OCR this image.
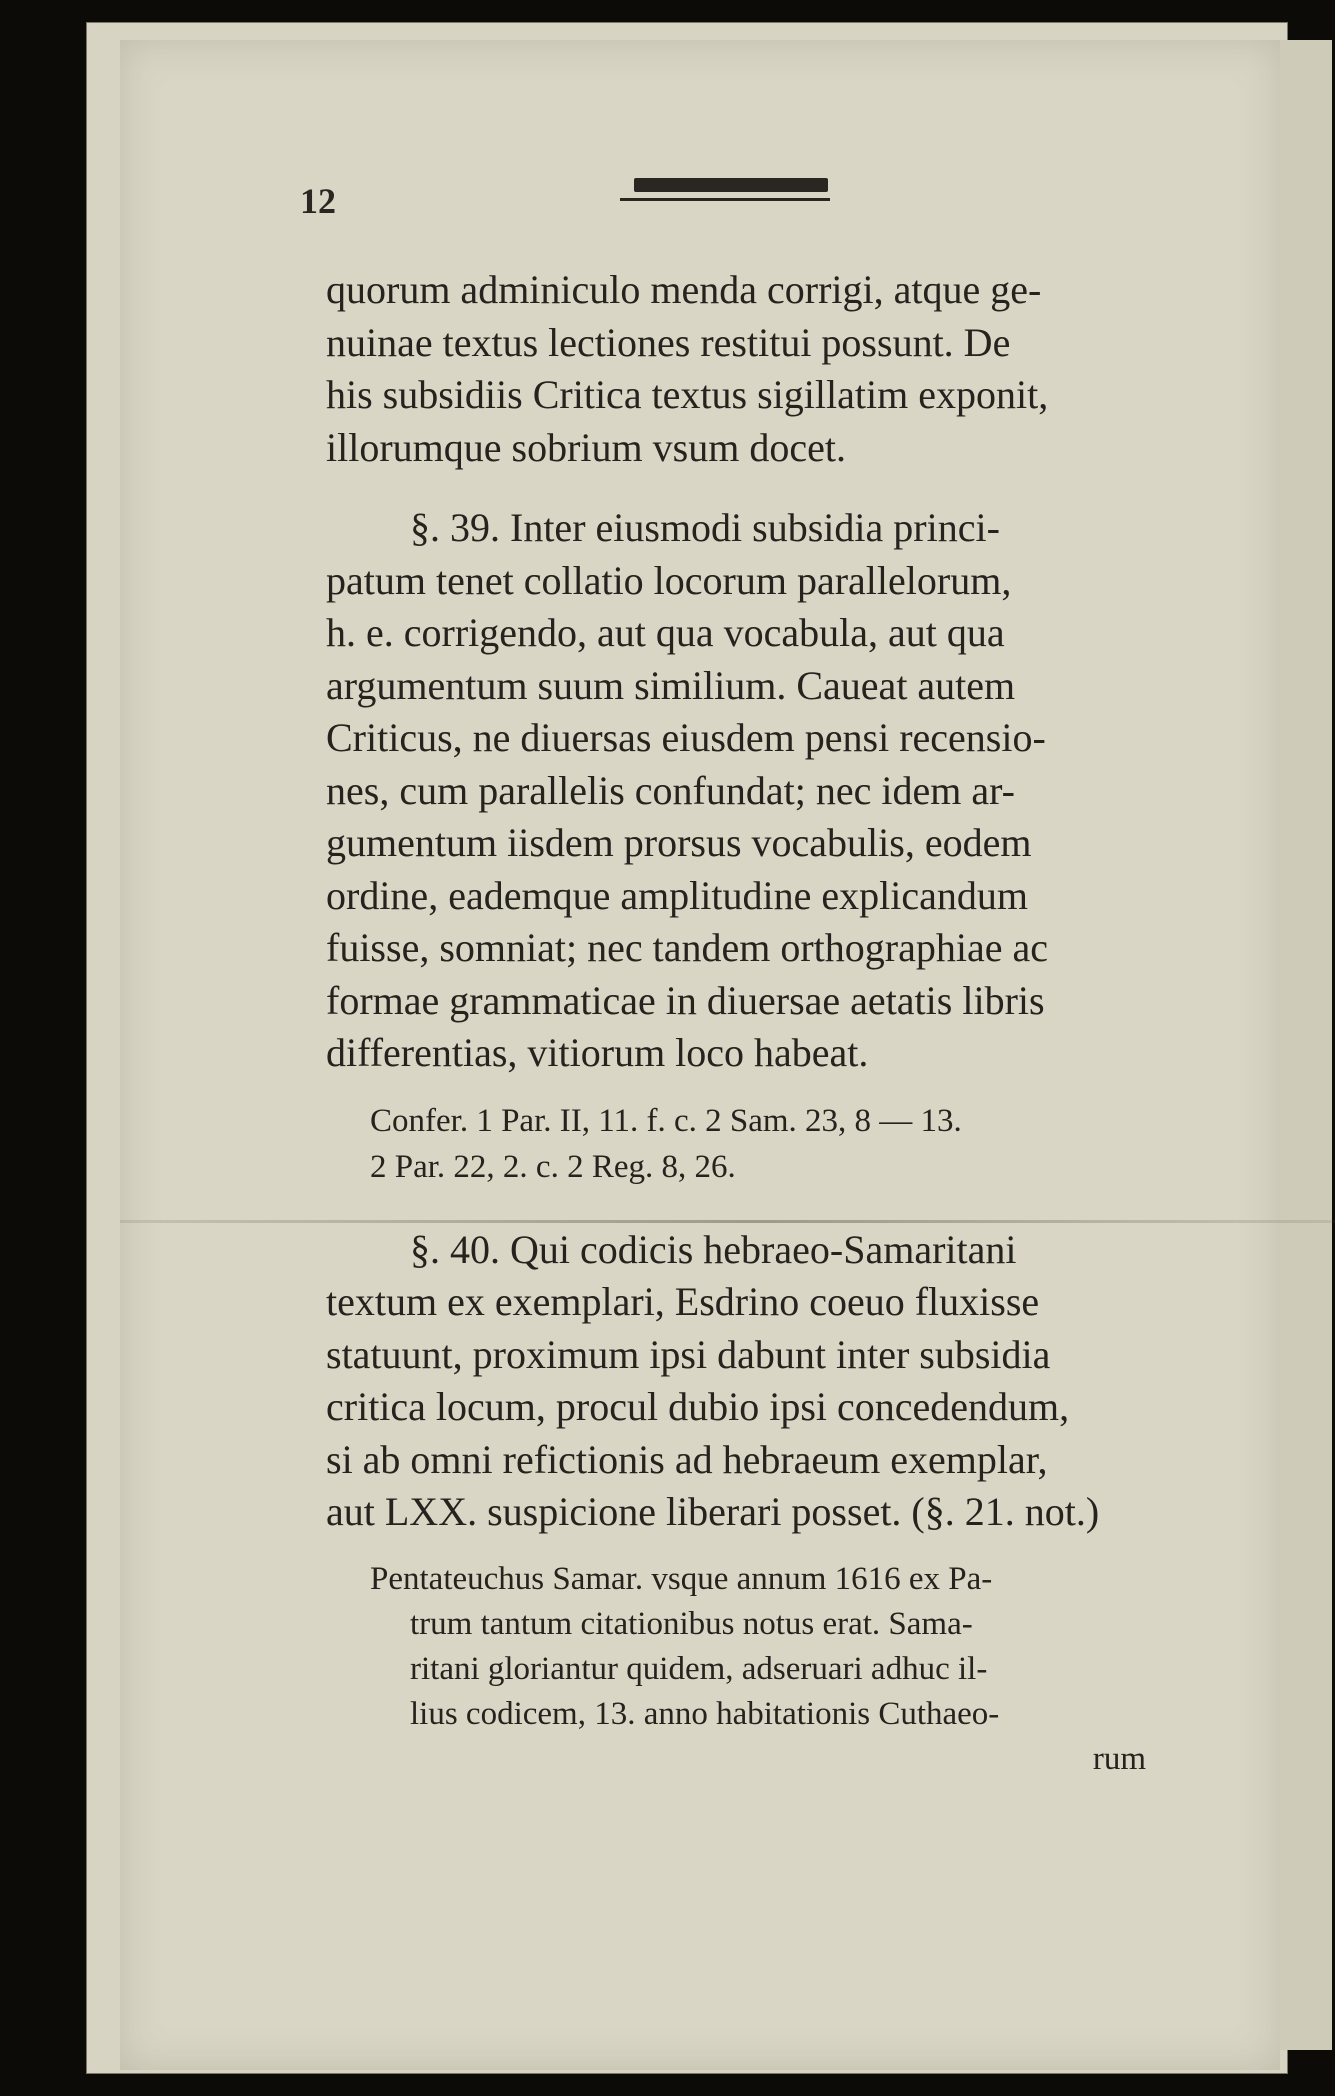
12
quorum adminiculo menda corrigi, atque ge-
nuinae textus lectiones restitui possunt. De
his subsidiis Critica textus sigillatim exponit,
illorumque sobrium vsum docet.
§. 39. Inter eiusmodi subsidia princi-
patum tenet collatio locorum parallelorum,
h. e. corrigendo, aut qua vocabula, aut qua
argumentum suum similium. Caueat autem
Criticus, ne diuersas eiusdem pensi recensio-
nes, cum parallelis confundat; nec idem ar-
gumentum iisdem prorsus vocabulis, eodem
ordine, eademque amplitudine explicandum
fuisse, somniat; nec tandem orthographiae ac
formae grammaticae in diuersae aetatis libris
differentias, vitiorum loco habeat.
Confer. 1 Par. II, 11. f. c. 2 Sam. 23, 8 — 13.
2 Par. 22, 2. c. 2 Reg. 8, 26.
§. 40. Qui codicis hebraeo-Samaritani
textum ex exemplari, Esdrino coeuo fluxisse
statuunt, proximum ipsi dabunt inter subsidia
critica locum, procul dubio ipsi concedendum,
si ab omni refictionis ad hebraeum exemplar,
aut LXX. suspicione liberari posset. (§. 21. not.)
Pentateuchus Samar. vsque annum 1616 ex Pa-
trum tantum citationibus notus erat. Sama-
ritani gloriantur quidem, adseruari adhuc il-
lius codicem, 13. anno habitationis Cuthaeo-
rum
